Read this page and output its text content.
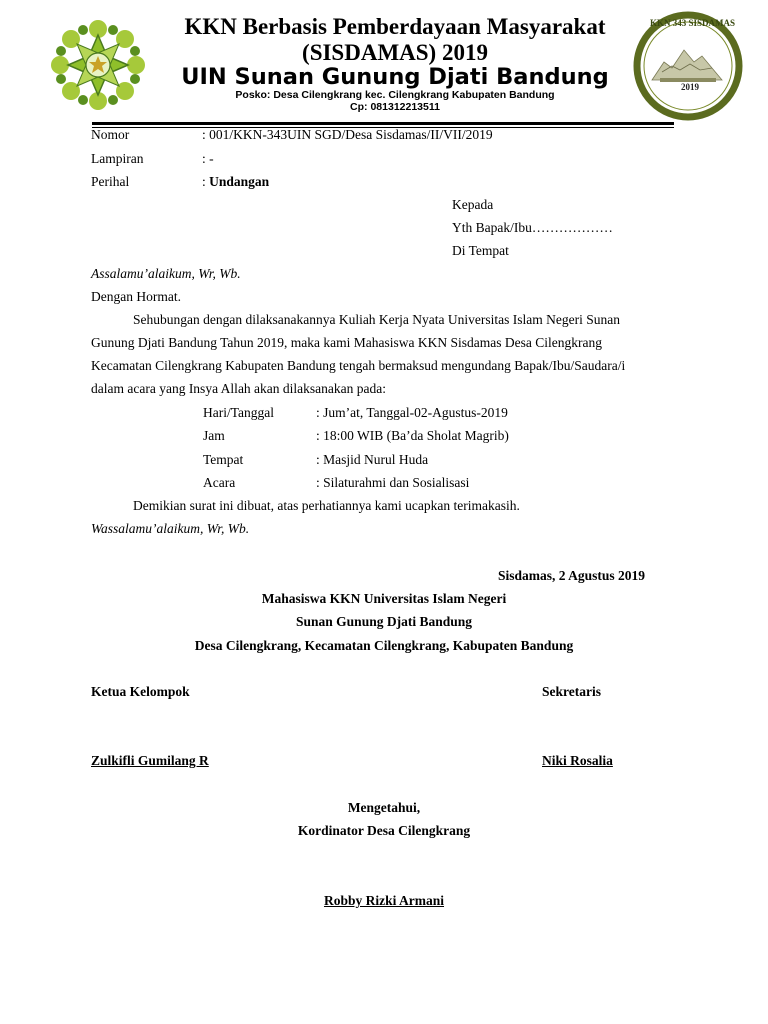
KKN Berbasis Pemberdayaan Masyarakat
(SISDAMAS) 2019
UIN Sunan Gunung Djati Bandung
Posko: Desa Cilengkrang kec. Cilengkrang Kabupaten Bandung
Cp: 081312213511
KKN 343 SISDAMAS
2019
Nomor	: 001/KKN-343UIN SGD/Desa Sisdamas/II/VII/2019
Lampiran	: -
Perihal	: Undangan
Kepada
Yth Bapak/Ibu………………
Di Tempat
Assalamu’alaikum, Wr, Wb.
Dengan Hormat.
Sehubungan dengan dilaksanakannya Kuliah Kerja Nyata Universitas Islam Negeri Sunan
Gunung Djati Bandung Tahun 2019, maka kami Mahasiswa KKN Sisdamas Desa Cilengkrang
Kecamatan Cilengkrang Kabupaten Bandung tengah bermaksud mengundang Bapak/Ibu/Saudara/i
dalam acara yang Insya Allah akan dilaksanakan pada:
Hari/Tanggal	: Jum’at, Tanggal-02-Agustus-2019
Jam	: 18:00 WIB (Ba’da Sholat Magrib)
Tempat	: Masjid Nurul Huda
Acara	: Silaturahmi dan Sosialisasi
Demikian surat ini dibuat, atas perhatiannya kami ucapkan terimakasih.
Wassalamu’alaikum, Wr, Wb.
Sisdamas, 2 Agustus 2019
Mahasiswa KKN Universitas Islam Negeri
Sunan Gunung Djati Bandung
Desa Cilengkrang, Kecamatan Cilengkrang, Kabupaten Bandung
Ketua Kelompok	Sekretaris
Zulkifli Gumilang R	Niki Rosalia
Mengetahui,
Kordinator Desa Cilengkrang
Robby Rizki Armani
